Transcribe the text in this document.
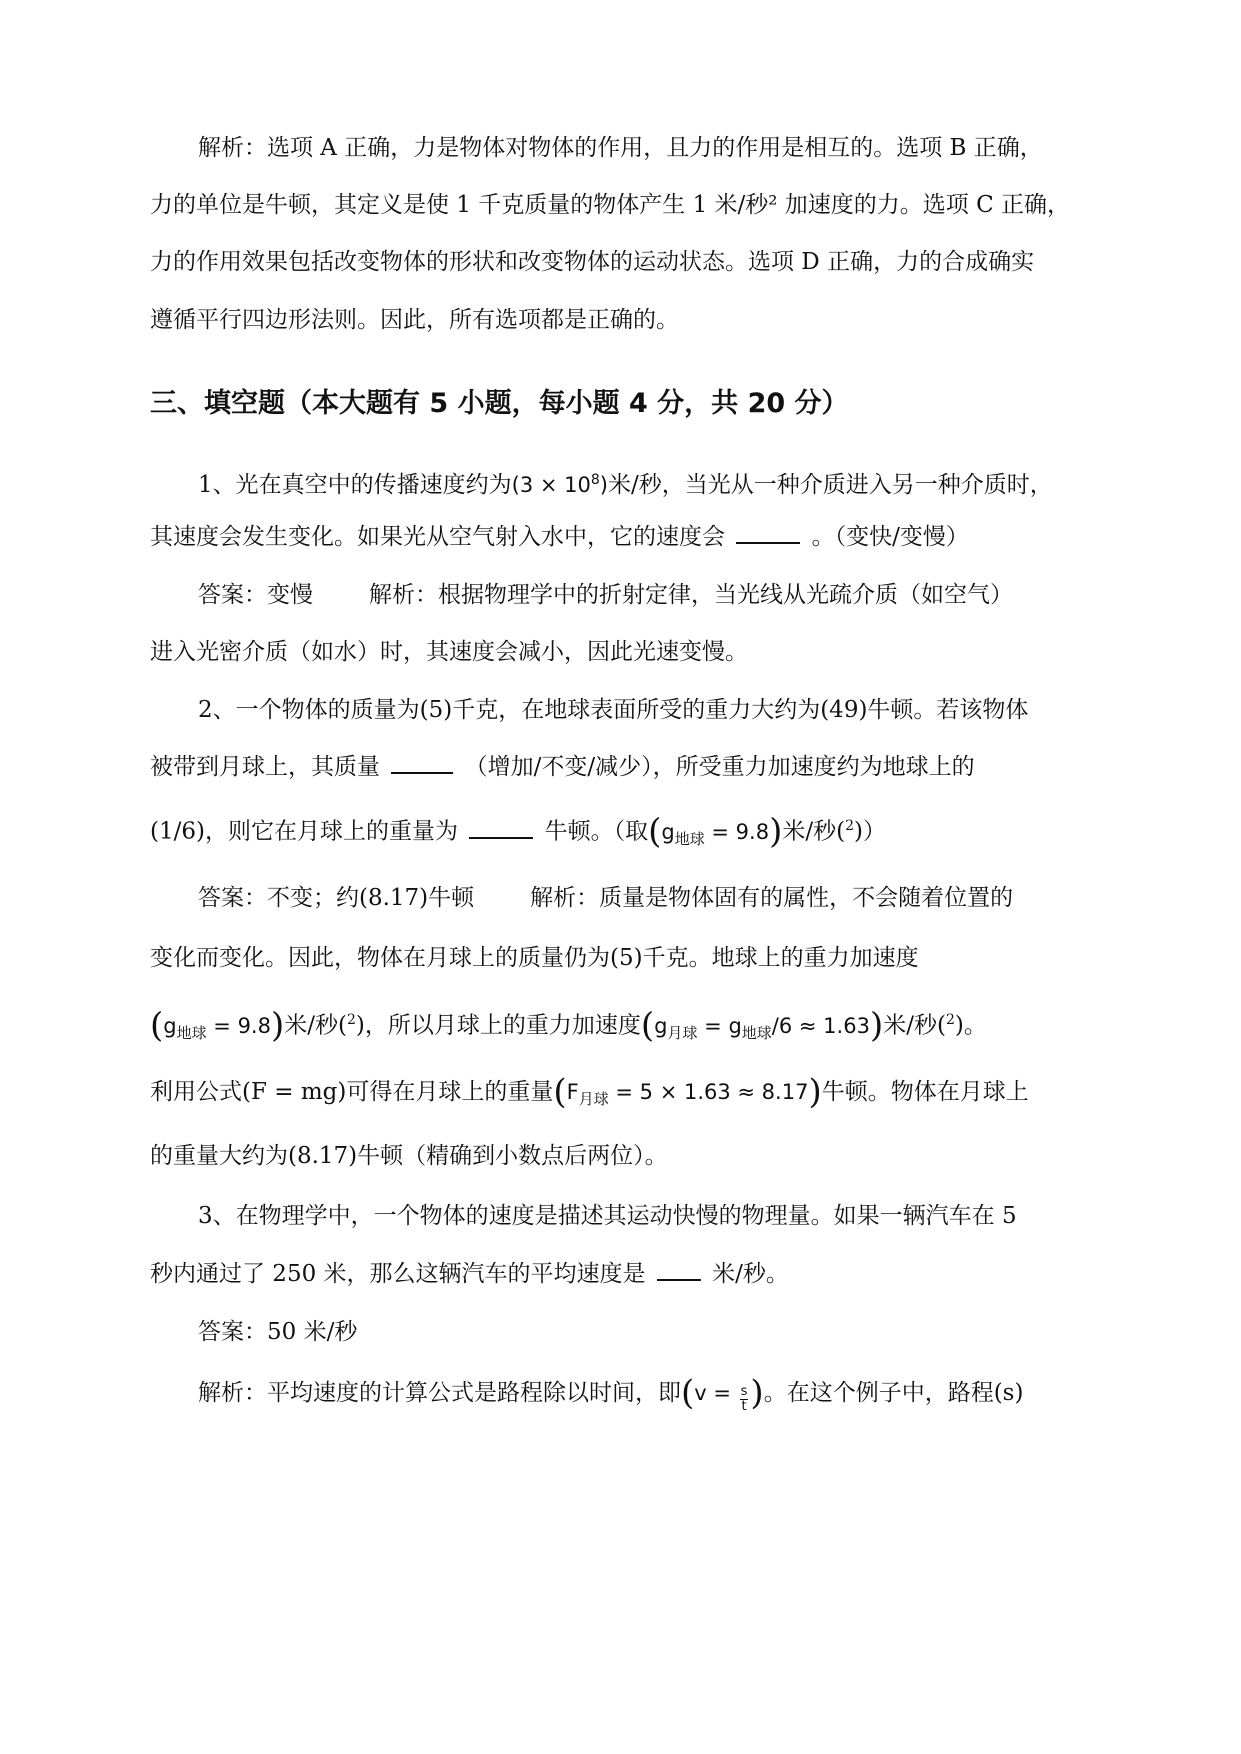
解析：选项 A 正确，力是物体对物体的作用，且力的作用是相互的。选项 B 正确，
力的单位是牛顿，其定义是使 1 千克质量的物体产生 1 米/秒² 加速度的力。选项 C 正确，
力的作用效果包括改变物体的形状和改变物体的运动状态。选项 D 正确，力的合成确实
遵循平行四边形法则。因此，所有选项都是正确的。
三、填空题（本大题有 5 小题，每小题 4 分，共 20 分）
1、光在真空中的传播速度约为$(3 \times 10^8)$米/秒，当光从一种介质进入另一种介质时，
其速度会发生变化。如果光从空气射入水中，它的速度会	。（变快/变慢）
答案：变慢 解析：根据物理学中的折射定律，当光线从光疏介质（如空气）
进入光密介质（如水）时，其速度会减小，因此光速变慢。
2、一个物体的质量为(5)千克，在地球表面所受的重力大约为(49)牛顿。若该物体
被带到月球上，其质量	（增加/不变/减少），所受重力加速度约为地球上的
(1/6)，则它在月球上的重量为	牛顿。（取$(g_{地球} = 9.8)$米/秒($^2$)）
答案：不变；约(8.17)牛顿 解析：质量是物体固有的属性，不会随着位置的
变化而变化。因此，物体在月球上的质量仍为(5)千克。地球上的重力加速度
$(g_{地球} = 9.8)$米/秒($^2$)，所以月球上的重力加速度$(g_{月球} = g_{地球}/6 \approx 1.63)$米/秒($^2$)。
利用公式(F = mg)可得在月球上的重量$(F_{月球} = 5 \times 1.63 \approx 8.17)$牛顿。物体在月球上
的重量大约为(8.17)牛顿（精确到小数点后两位）。
3、在物理学中，一个物体的速度是描述其运动快慢的物理量。如果一辆汽车在 5
秒内通过了 250 米，那么这辆汽车的平均速度是	米/秒。
答案：50 米/秒
解析：平均速度的计算公式是路程除以时间，即($v = \frac{s}{t}$ )。在这个例子中，路程(s)
